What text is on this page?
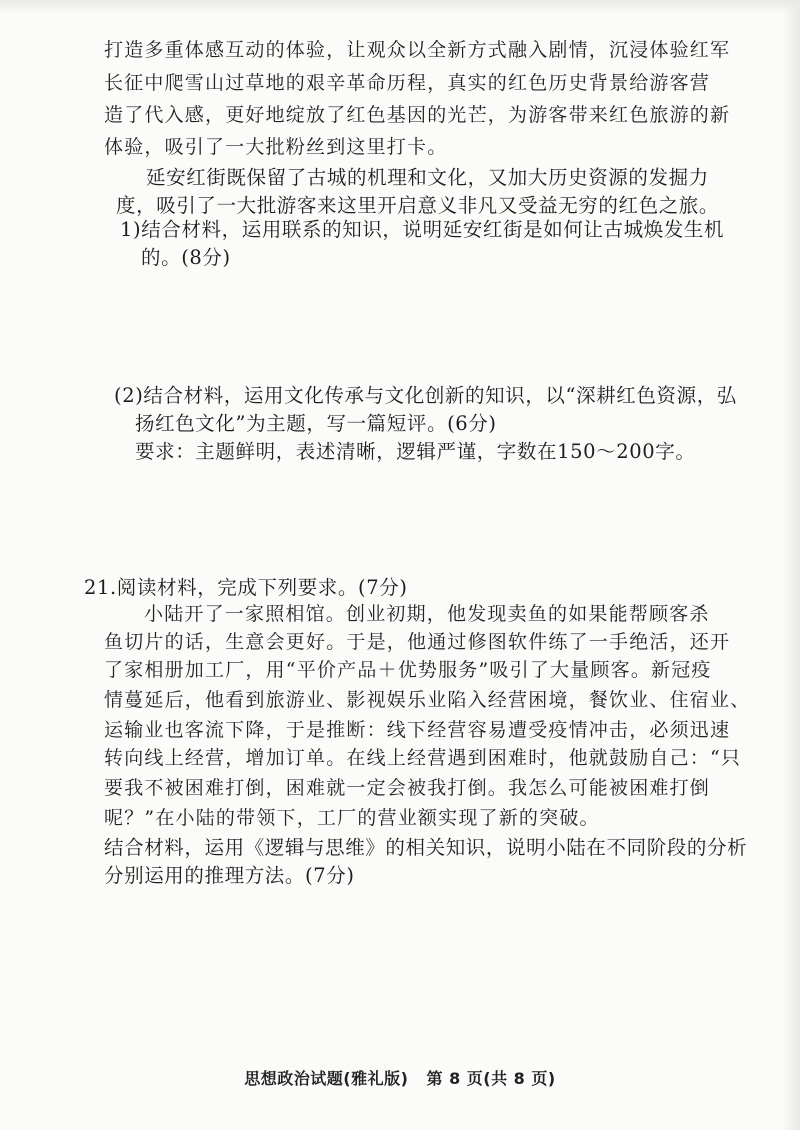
打造多重体感互动的体验，让观众以全新方式融入剧情，沉浸体验红军
长征中爬雪山过草地的艰辛革命历程，真实的红色历史背景给游客营
造了代入感，更好地绽放了红色基因的光芒，为游客带来红色旅游的新
体验，吸引了一大批粉丝到这里打卡。
延安红街既保留了古城的机理和文化，又加大历史资源的发掘力
度，吸引了一大批游客来这里开启意义非凡又受益无穷的红色之旅。
1)结合材料，运用联系的知识，说明延安红街是如何让古城焕发生机
的。(8分)
(2)结合材料，运用文化传承与文化创新的知识，以“深耕红色资源，弘
扬红色文化”为主题，写一篇短评。(6分)
要求：主题鲜明，表述清晰，逻辑严谨，字数在150～200字。
21.阅读材料，完成下列要求。(7分)
小陆开了一家照相馆。创业初期，他发现卖鱼的如果能帮顾客杀
鱼切片的话，生意会更好。于是，他通过修图软件练了一手绝活，还开
了家相册加工厂，用“平价产品＋优势服务”吸引了大量顾客。新冠疫
情蔓延后，他看到旅游业、影视娱乐业陷入经营困境，餐饮业、住宿业、
运输业也客流下降，于是推断：线下经营容易遭受疫情冲击，必须迅速
转向线上经营，增加订单。在线上经营遇到困难时，他就鼓励自己：“只
要我不被困难打倒，困难就一定会被我打倒。我怎么可能被困难打倒
呢？”在小陆的带领下，工厂的营业额实现了新的突破。
结合材料，运用《逻辑与思维》的相关知识，说明小陆在不同阶段的分析
分别运用的推理方法。(7分)
思想政治试题(雅礼版) 第 8 页(共 8 页)
